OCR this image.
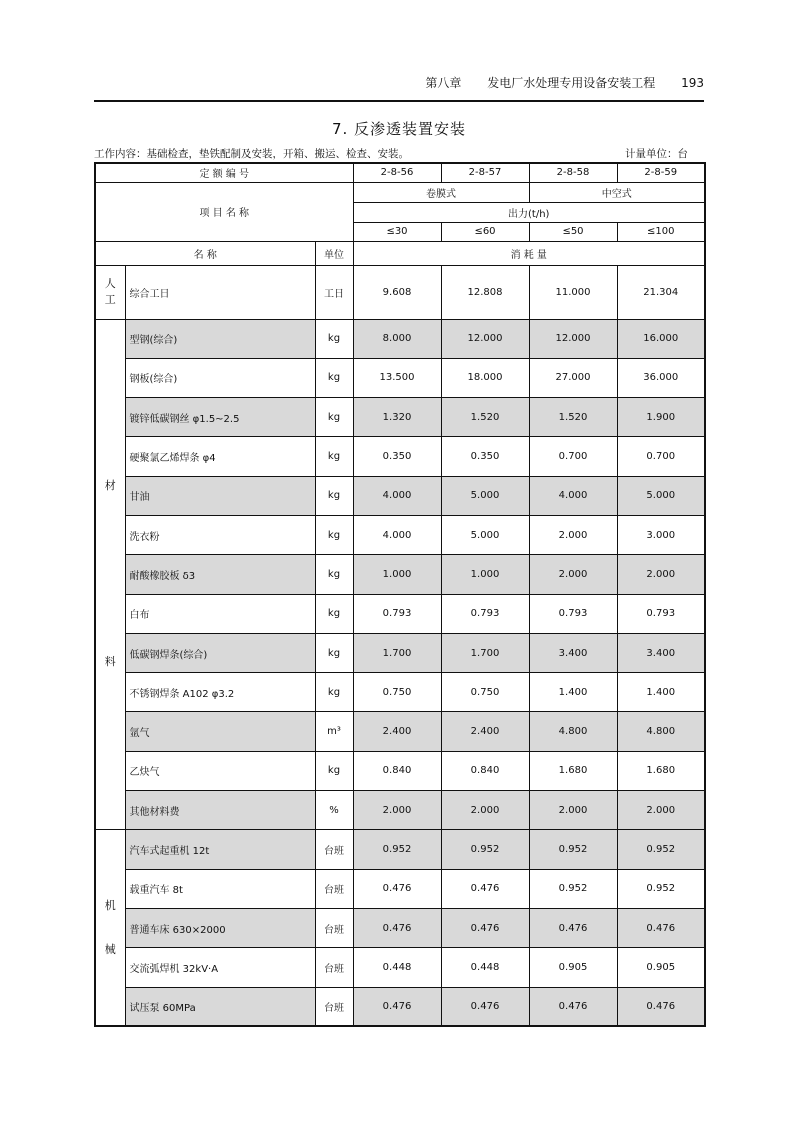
第八章 发电厂水处理专用设备安装工程 193
7. 反渗透装置安装
工作内容：基础检查，垫铁配制及安装，开箱、搬运、检查、安装。	计量单位：台
定 额 编 号			2-8-56	2-8-57	2-8-58	2-8-59
项 目 名 称			卷膜式		中空式	
			出力(t/h)			
			≤30	≤60	≤50	≤100
名 称		单位	消 耗 量			

人
工	综合工日	工日	9.608	12.808	11.000	21.304

材
料	型钢(综合)	kg	8.000	12.000	12.000	16.000
	钢板(综合)	kg	13.500	18.000	27.000	36.000
	镀锌低碳钢丝 φ1.5~2.5	kg	1.320	1.520	1.520	1.900
	硬聚氯乙烯焊条 φ4	kg	0.350	0.350	0.700	0.700
	甘油	kg	4.000	5.000	4.000	5.000
	洗衣粉	kg	4.000	5.000	2.000	3.000
	耐酸橡胶板 δ3	kg	1.000	1.000	2.000	2.000
	白布	kg	0.793	0.793	0.793	0.793
	低碳钢焊条(综合)	kg	1.700	1.700	3.400	3.400
	不锈钢焊条 A102 φ3.2	kg	0.750	0.750	1.400	1.400
	氩气	m³	2.400	2.400	4.800	4.800
	乙炔气	kg	0.840	0.840	1.680	1.680
	其他材料费	%	2.000	2.000	2.000	2.000

机
械	汽车式起重机 12t	台班	0.952	0.952	0.952	0.952
	载重汽车 8t	台班	0.476	0.476	0.952	0.952
	普通车床 630×2000	台班	0.476	0.476	0.476	0.476
	交流弧焊机 32kV·A	台班	0.448	0.448	0.905	0.905
	试压泵 60MPa	台班	0.476	0.476	0.476	0.476
